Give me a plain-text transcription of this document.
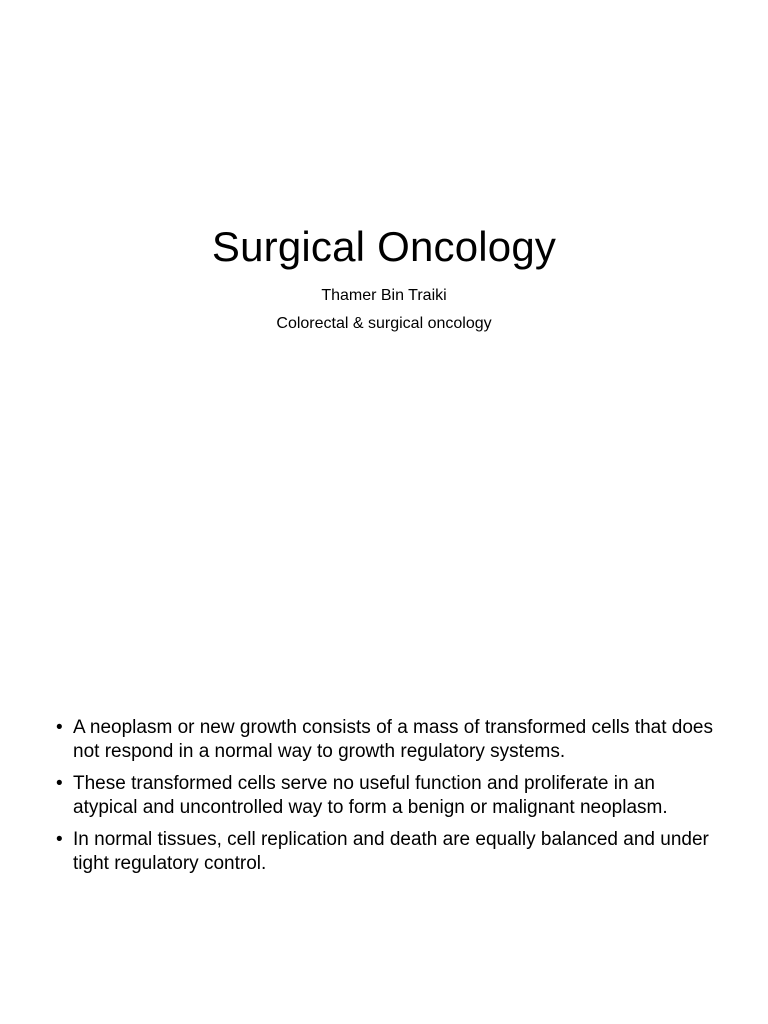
Surgical Oncology

Thamer Bin Traiki

Colorectal & surgical oncology

• A neoplasm or new growth consists of a mass of transformed cells that does not respond in a normal way to growth regulatory systems.
• These transformed cells serve no useful function and proliferate in an atypical and uncontrolled way to form a benign or malignant neoplasm.
• In normal tissues, cell replication and death are equally balanced and under tight regulatory control.
